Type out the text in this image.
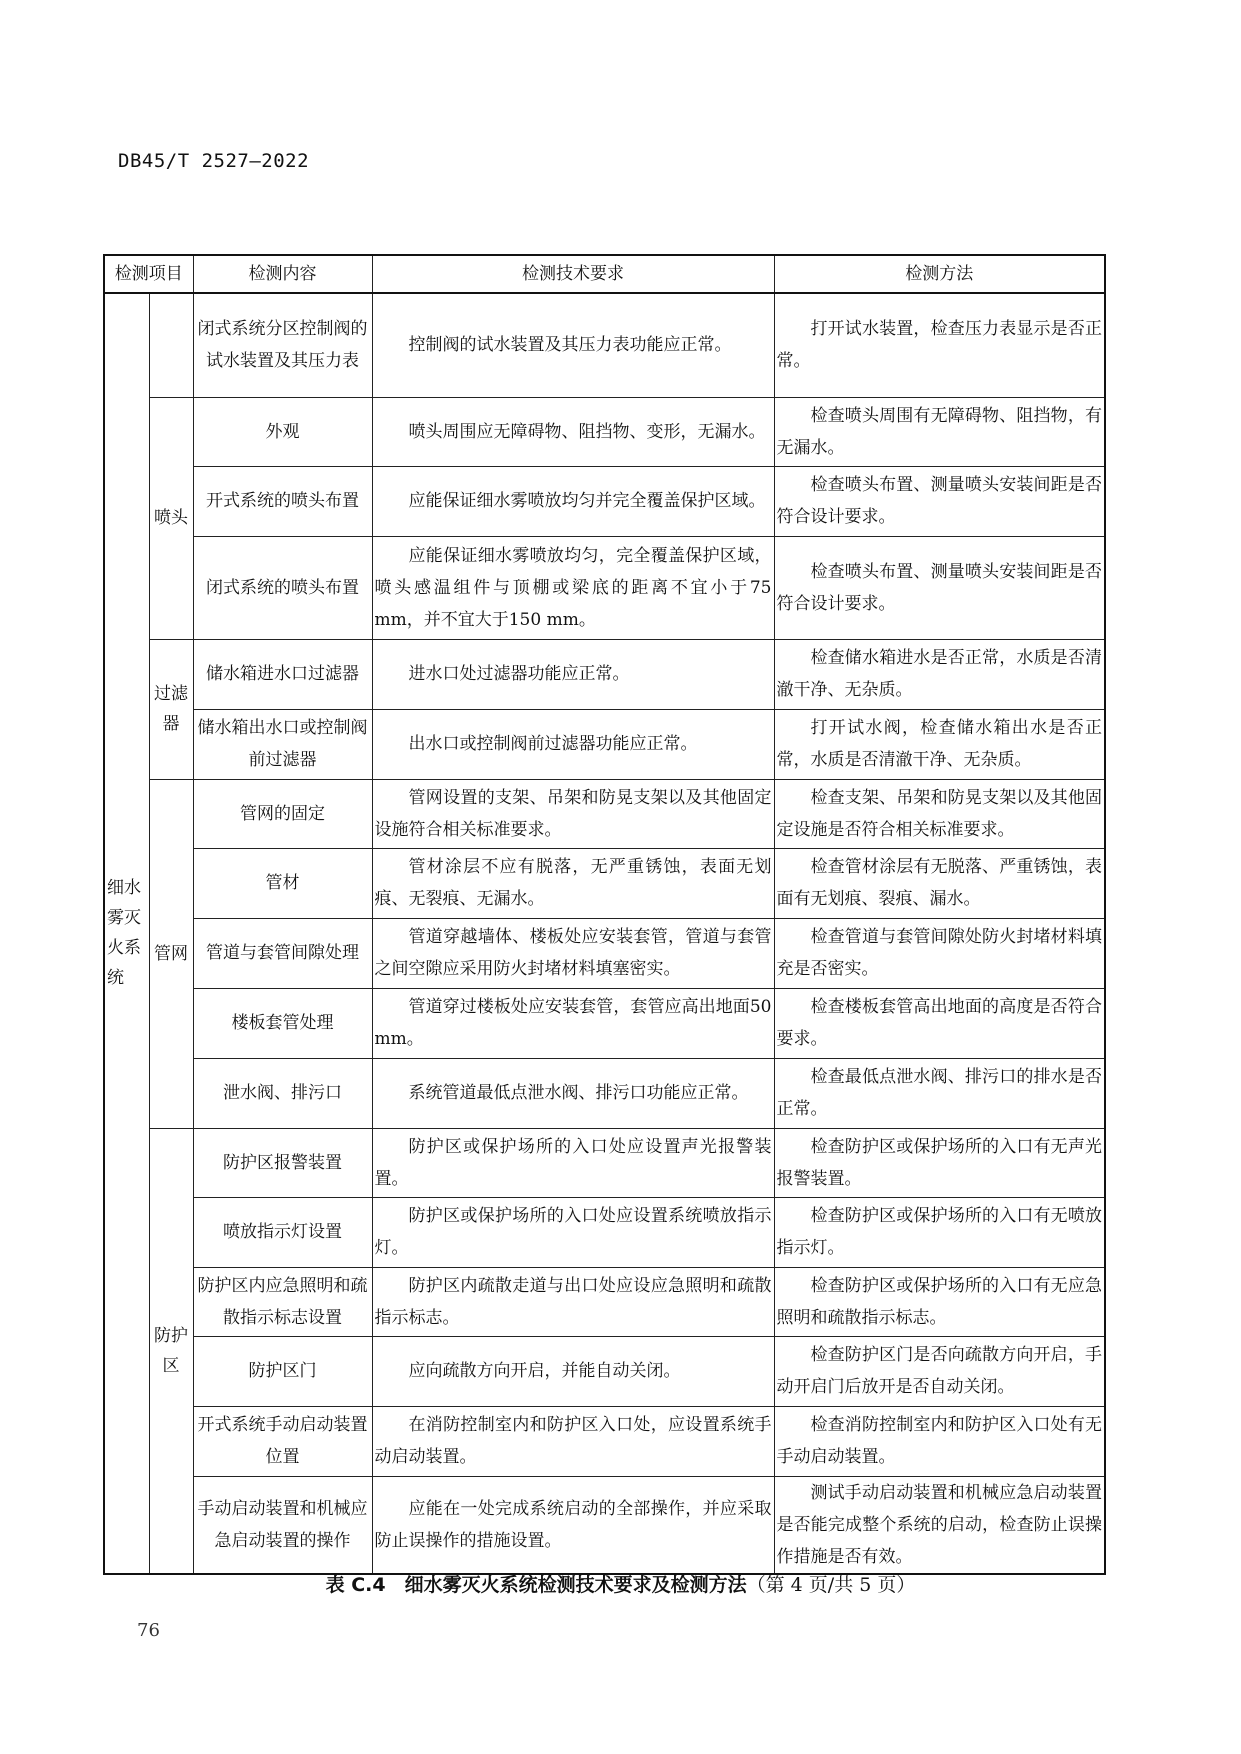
DB45/T 2527—2022
检测项目		检测内容	检测技术要求	检测方法
细水雾灭火系统		闭式系统分区控制阀的试水装置及其压力表	控制阀的试水装置及其压力表功能应正常。	打开试水装置，检查压力表显示是否正常。
	喷头	外观	喷头周围应无障碍物、阻挡物、变形，无漏水。	检查喷头周围有无障碍物、阻挡物，有无漏水。
		开式系统的喷头布置	应能保证细水雾喷放均匀并完全覆盖保护区域。	检查喷头布置、测量喷头安装间距是否符合设计要求。
		闭式系统的喷头布置	应能保证细水雾喷放均匀，完全覆盖保护区域，喷头感温组件与顶棚或梁底的距离不宜小于75 mm，并不宜大于150 mm。	检查喷头布置、测量喷头安装间距是否符合设计要求。
	过滤器	储水箱进水口过滤器	进水口处过滤器功能应正常。	检查储水箱进水是否正常，水质是否清澈干净、无杂质。
		储水箱出水口或控制阀前过滤器	出水口或控制阀前过滤器功能应正常。	打开试水阀，检查储水箱出水是否正常，水质是否清澈干净、无杂质。
	管网	管网的固定	管网设置的支架、吊架和防晃支架以及其他固定设施符合相关标准要求。	检查支架、吊架和防晃支架以及其他固定设施是否符合相关标准要求。
		管材	管材涂层不应有脱落，无严重锈蚀，表面无划痕、无裂痕、无漏水。	检查管材涂层有无脱落、严重锈蚀，表面有无划痕、裂痕、漏水。
		管道与套管间隙处理	管道穿越墙体、楼板处应安装套管，管道与套管之间空隙应采用防火封堵材料填塞密实。	检查管道与套管间隙处防火封堵材料填充是否密实。
		楼板套管处理	管道穿过楼板处应安装套管，套管应高出地面50 mm。	检查楼板套管高出地面的高度是否符合要求。
		泄水阀、排污口	系统管道最低点泄水阀、排污口功能应正常。	检查最低点泄水阀、排污口的排水是否正常。
	防护区	防护区报警装置	防护区或保护场所的入口处应设置声光报警装置。	检查防护区或保护场所的入口有无声光报警装置。
		喷放指示灯设置	防护区或保护场所的入口处应设置系统喷放指示灯。	检查防护区或保护场所的入口有无喷放指示灯。
		防护区内应急照明和疏散指示标志设置	防护区内疏散走道与出口处应设应急照明和疏散指示标志。	检查防护区或保护场所的入口有无应急照明和疏散指示标志。
		防护区门	应向疏散方向开启，并能自动关闭。	检查防护区门是否向疏散方向开启，手动开启门后放开是否自动关闭。
		开式系统手动启动装置位置	在消防控制室内和防护区入口处，应设置系统手动启动装置。	检查消防控制室内和防护区入口处有无手动启动装置。
		手动启动装置和机械应急启动装置的操作	应能在一处完成系统启动的全部操作，并应采取防止误操作的措施设置。	测试手动启动装置和机械应急启动装置是否能完成整个系统的启动，检查防止误操作措施是否有效。
表 C.4　细水雾灭火系统检测技术要求及检测方法（第 4 页/共 5 页）
76
